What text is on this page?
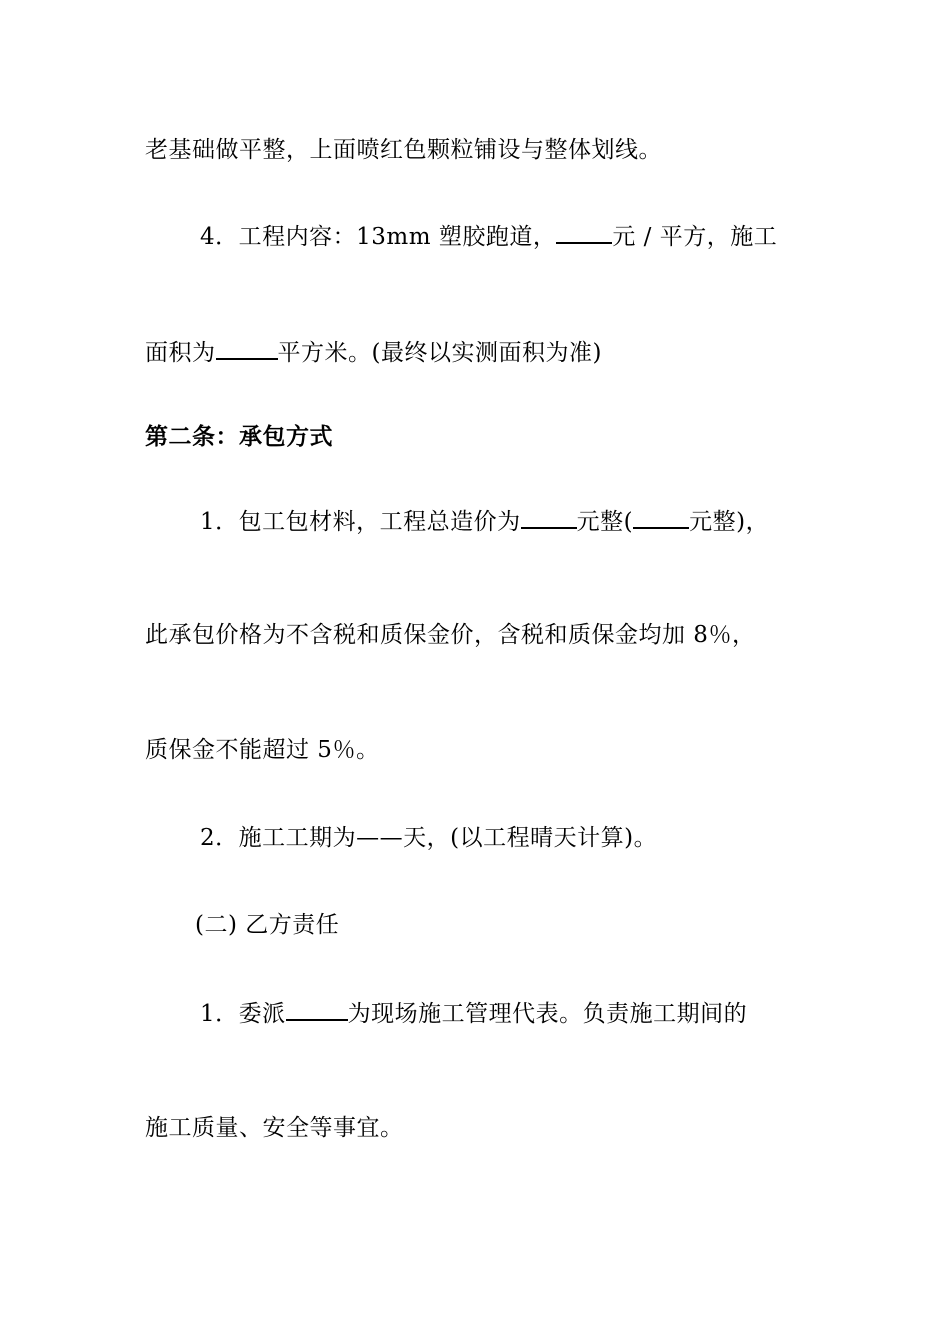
老基础做平整，上面喷红色颗粒铺设与整体划线。
4．工程内容：13mm 塑胶跑道， 元 / 平方，施工
面积为	平方米。(最终以实测面积为准)
第二条：承包方式
1．包工包材料，工程总造价为 元整( 元整)，
此承包价格为不含税和质保金价，含税和质保金均加 8％，
质保金不能超过 5％。
2．施工工期为——天，(以工程晴天计算)。
(二) 乙方责任
1．委派	为现场施工管理代表。负责施工期间的
施工质量、安全等事宜。
